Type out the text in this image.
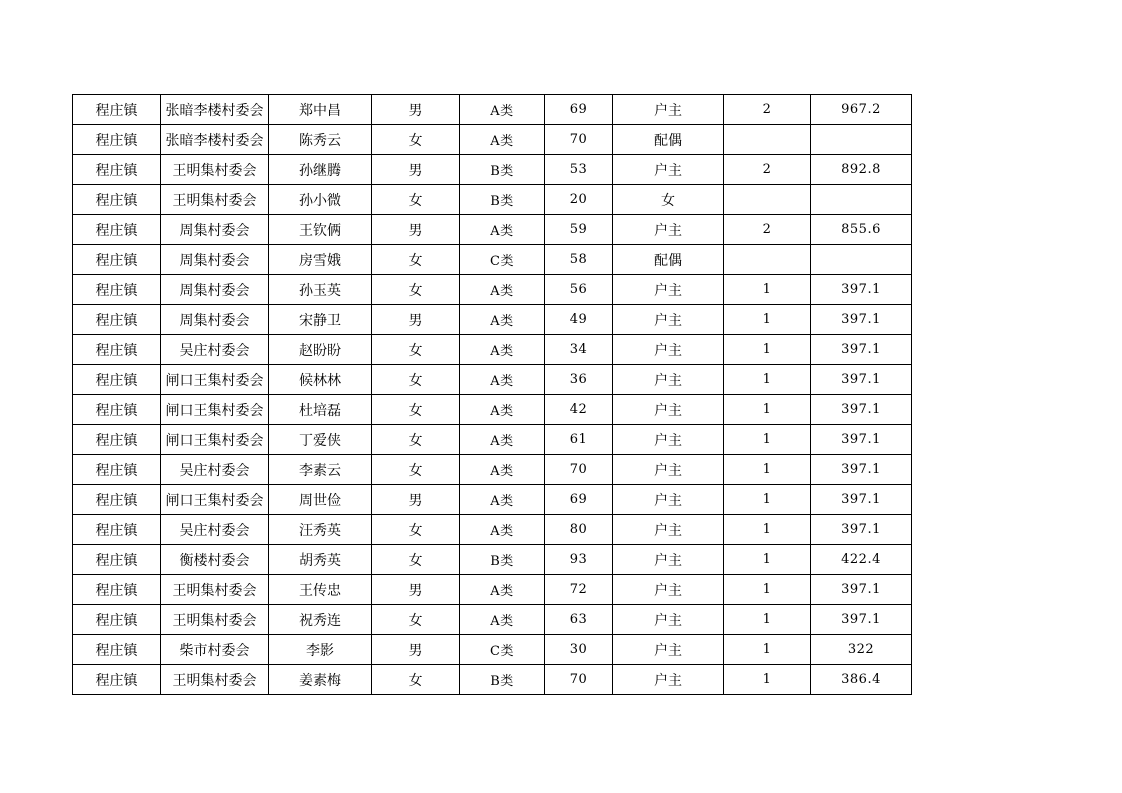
程庄镇	张暗李楼村委会	郑中昌	男	A类	69	户主	2	967.2
程庄镇	张暗李楼村委会	陈秀云	女	A类	70	配偶		
程庄镇	王明集村委会	孙继腾	男	B类	53	户主	2	892.8
程庄镇	王明集村委会	孙小微	女	B类	20	女		
程庄镇	周集村委会	王钦俩	男	A类	59	户主	2	855.6
程庄镇	周集村委会	房雪娥	女	C类	58	配偶		
程庄镇	周集村委会	孙玉英	女	A类	56	户主	1	397.1
程庄镇	周集村委会	宋静卫	男	A类	49	户主	1	397.1
程庄镇	吴庄村委会	赵盼盼	女	A类	34	户主	1	397.1
程庄镇	闸口王集村委会	候林林	女	A类	36	户主	1	397.1
程庄镇	闸口王集村委会	杜培磊	女	A类	42	户主	1	397.1
程庄镇	闸口王集村委会	丁爱侠	女	A类	61	户主	1	397.1
程庄镇	吴庄村委会	李素云	女	A类	70	户主	1	397.1
程庄镇	闸口王集村委会	周世俭	男	A类	69	户主	1	397.1
程庄镇	吴庄村委会	汪秀英	女	A类	80	户主	1	397.1
程庄镇	衡楼村委会	胡秀英	女	B类	93	户主	1	422.4
程庄镇	王明集村委会	王传忠	男	A类	72	户主	1	397.1
程庄镇	王明集村委会	祝秀连	女	A类	63	户主	1	397.1
程庄镇	柴市村委会	李影	男	C类	30	户主	1	322
程庄镇	王明集村委会	姜素梅	女	B类	70	户主	1	386.4
